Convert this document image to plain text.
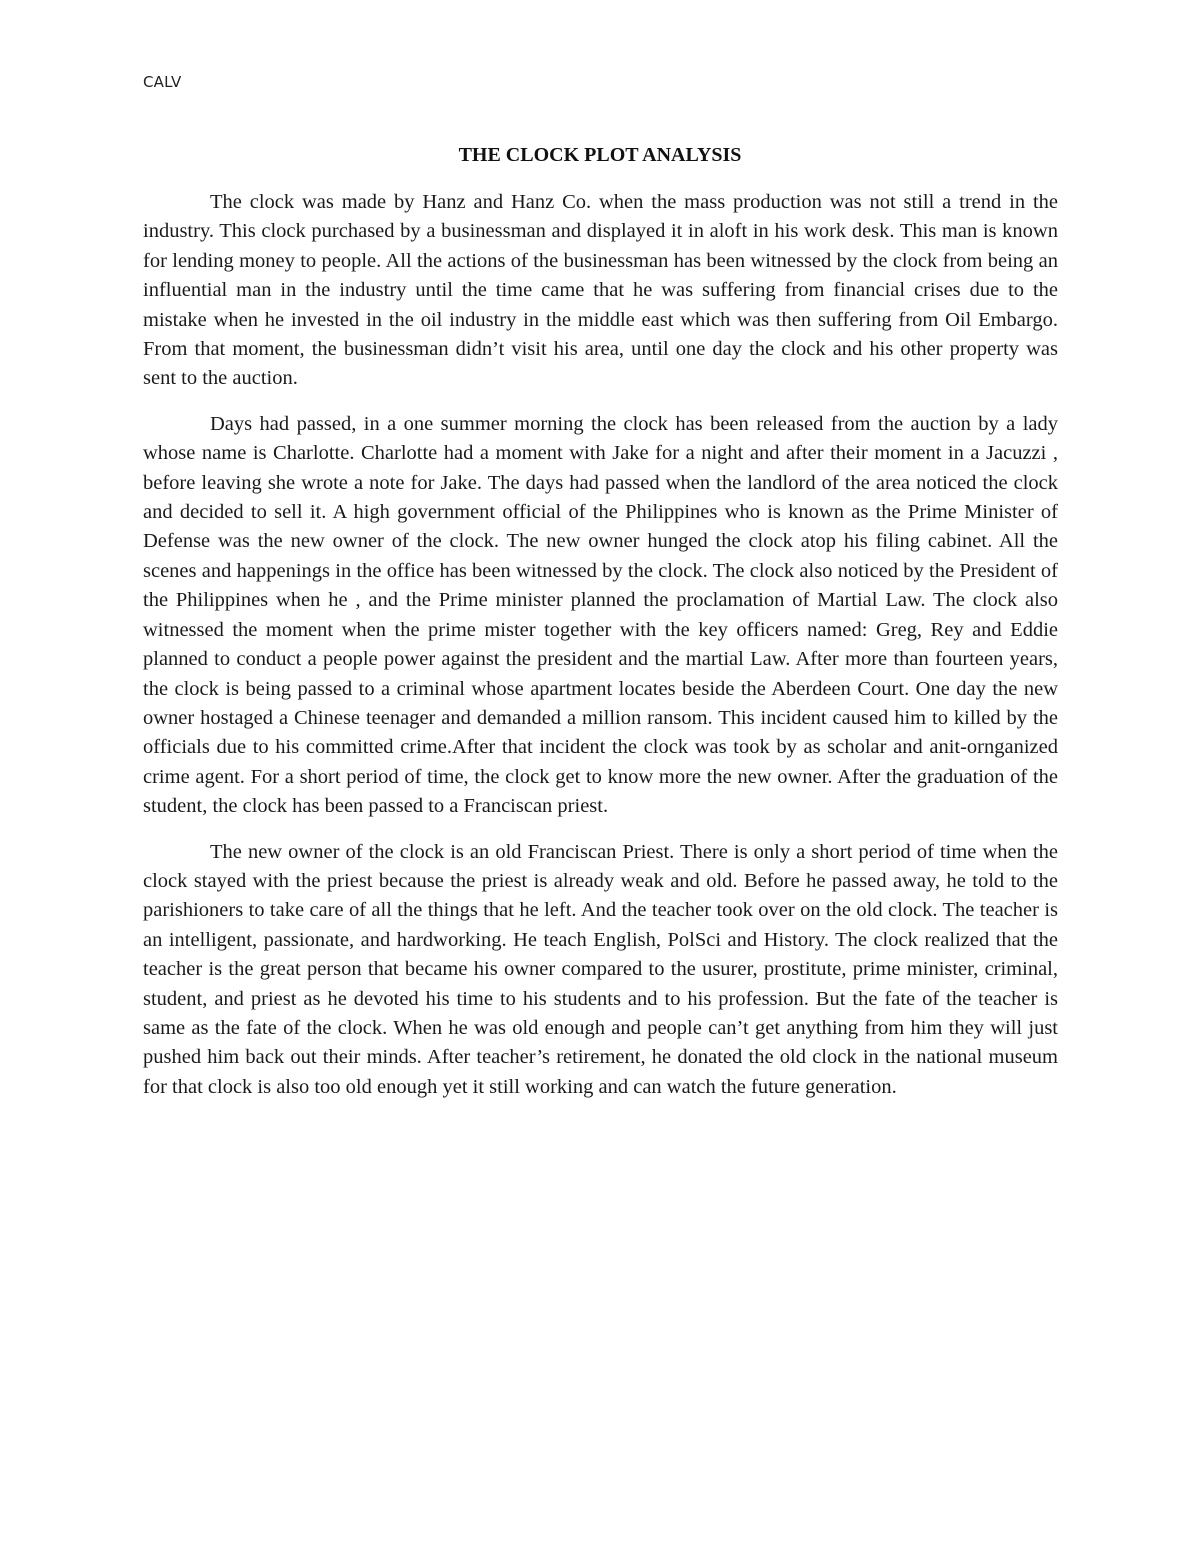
CALV
THE CLOCK PLOT ANALYSIS

The clock was made by Hanz and Hanz Co. when the mass production was not still a trend in the industry. This clock purchased by a businessman and displayed it in aloft in his work desk. This man is known for lending money to people. All the actions of the businessman has been witnessed by the clock from being an influential man in the industry until the time came that he was suffering from financial crises due to the mistake when he invested in the oil industry in the middle east which was then suffering from Oil Embargo. From that moment, the businessman didn’t visit his area, until one day the clock and his other property was sent to the auction.

Days had passed, in a one summer morning the clock has been released from the auction by a lady whose name is Charlotte. Charlotte had a moment with Jake for a night and after their moment in a Jacuzzi , before leaving she wrote a note for Jake. The days had passed when the landlord of the area noticed the clock and decided to sell it. A high government official of the Philippines who is known as the Prime Minister of Defense was the new owner of the clock. The new owner hunged the clock atop his filing cabinet. All the scenes and happenings in the office has been witnessed by the clock. The clock also noticed by the President of the Philippines when he , and the Prime minister planned the proclamation of Martial Law. The clock also witnessed the moment when the prime mister together with the key officers named: Greg, Rey and Eddie planned to conduct a people power against the president and the martial Law. After more than fourteen years, the clock is being passed to a criminal whose apartment locates beside the Aberdeen Court. One day the new owner hostaged a Chinese teenager and demanded a million ransom. This incident caused him to killed by the officials due to his committed crime.After that incident the clock was took by as scholar and anit-ornganized crime agent. For a short period of time, the clock get to know more the new owner. After the graduation of the student, the clock has been passed to a Franciscan priest.

The new owner of the clock is an old Franciscan Priest. There is only a short period of time when the clock stayed with the priest because the priest is already weak and old. Before he passed away, he told to the parishioners to take care of all the things that he left. And the teacher took over on the old clock. The teacher is an intelligent, passionate, and hardworking. He teach English, PolSci and History. The clock realized that the teacher is the great person that became his owner compared to the usurer, prostitute, prime minister, criminal, student, and priest as he devoted his time to his students and to his profession. But the fate of the teacher is same as the fate of the clock. When he was old enough and people can’t get anything from him they will just pushed him back out their minds. After teacher’s retirement, he donated the old clock in the national museum for that clock is also too old enough yet it still working and can watch the future generation.
